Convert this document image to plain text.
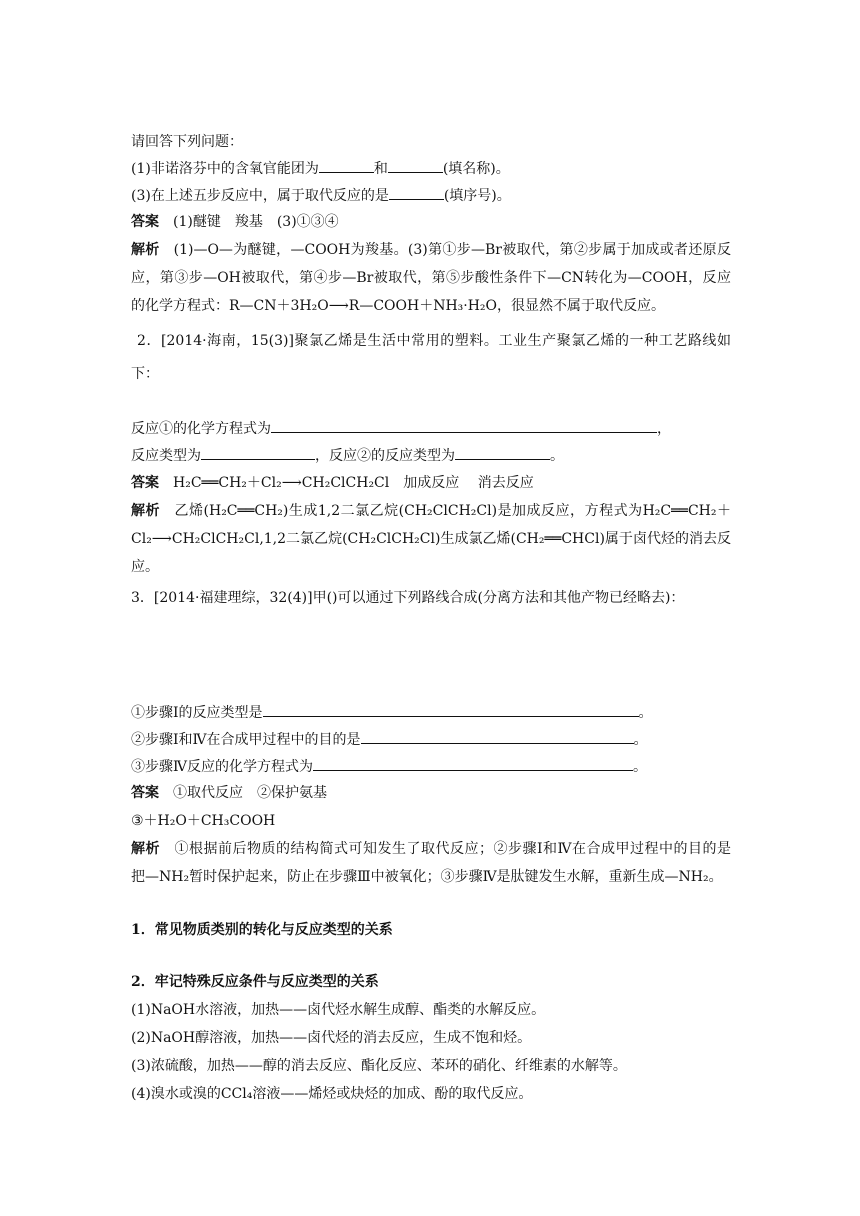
请回答下列问题：
(1)非诺洛芬中的含氧官能团为	和	(填名称)。
(3)在上述五步反应中，属于取代反应的是	(填序号)。
答案 (1)醚键　羧基　(3)①③④
解析 (1)—O—为醚键，—COOH为羧基。(3)第①步—Br被取代，第②步属于加成或者还原反
应，第③步—OH被取代，第④步—Br被取代，第⑤步酸性条件下—CN转化为—COOH，反应
的化学方程式：R—CN＋3H₂O⟶R—COOH＋NH₃·H₂O，很显然不属于取代反应。
2．[2014·海南，15(3)]聚氯乙烯是生活中常用的塑料。工业生产聚氯乙烯的一种工艺路线如
下：
反应①的化学方程式为	，
反应类型为	，反应②的反应类型为	。
答案 H₂C══CH₂＋Cl₂⟶CH₂ClCH₂Cl　加成反应　 消去反应
解析 乙烯(H₂C══CH₂)生成1,2二氯乙烷(CH₂ClCH₂Cl)是加成反应，方程式为H₂C══CH₂＋
Cl₂⟶CH₂ClCH₂Cl,1,2二氯乙烷(CH₂ClCH₂Cl)生成氯乙烯(CH₂══CHCl)属于卤代烃的消去反
应。
3．[2014·福建理综，32(4)]甲()可以通过下列路线合成(分离方法和其他产物已经略去)：
①步骤Ⅰ的反应类型是	。
②步骤Ⅰ和Ⅳ在合成甲过程中的目的是	。
③步骤Ⅳ反应的化学方程式为	。
答案 ①取代反应　②保护氨基
③＋H₂O＋CH₃COOH
解析 ①根据前后物质的结构简式可知发生了取代反应；②步骤Ⅰ和Ⅳ在合成甲过程中的目的是
把—NH₂暂时保护起来，防止在步骤Ⅲ中被氧化；③步骤Ⅳ是肽键发生水解，重新生成—NH₂。
1．常见物质类别的转化与反应类型的关系
2．牢记特殊反应条件与反应类型的关系
(1)NaOH水溶液，加热——卤代烃水解生成醇、酯类的水解反应。
(2)NaOH醇溶液，加热——卤代烃的消去反应，生成不饱和烃。
(3)浓硫酸，加热——醇的消去反应、酯化反应、苯环的硝化、纤维素的水解等。
(4)溴水或溴的CCl₄溶液——烯烃或炔烃的加成、酚的取代反应。
